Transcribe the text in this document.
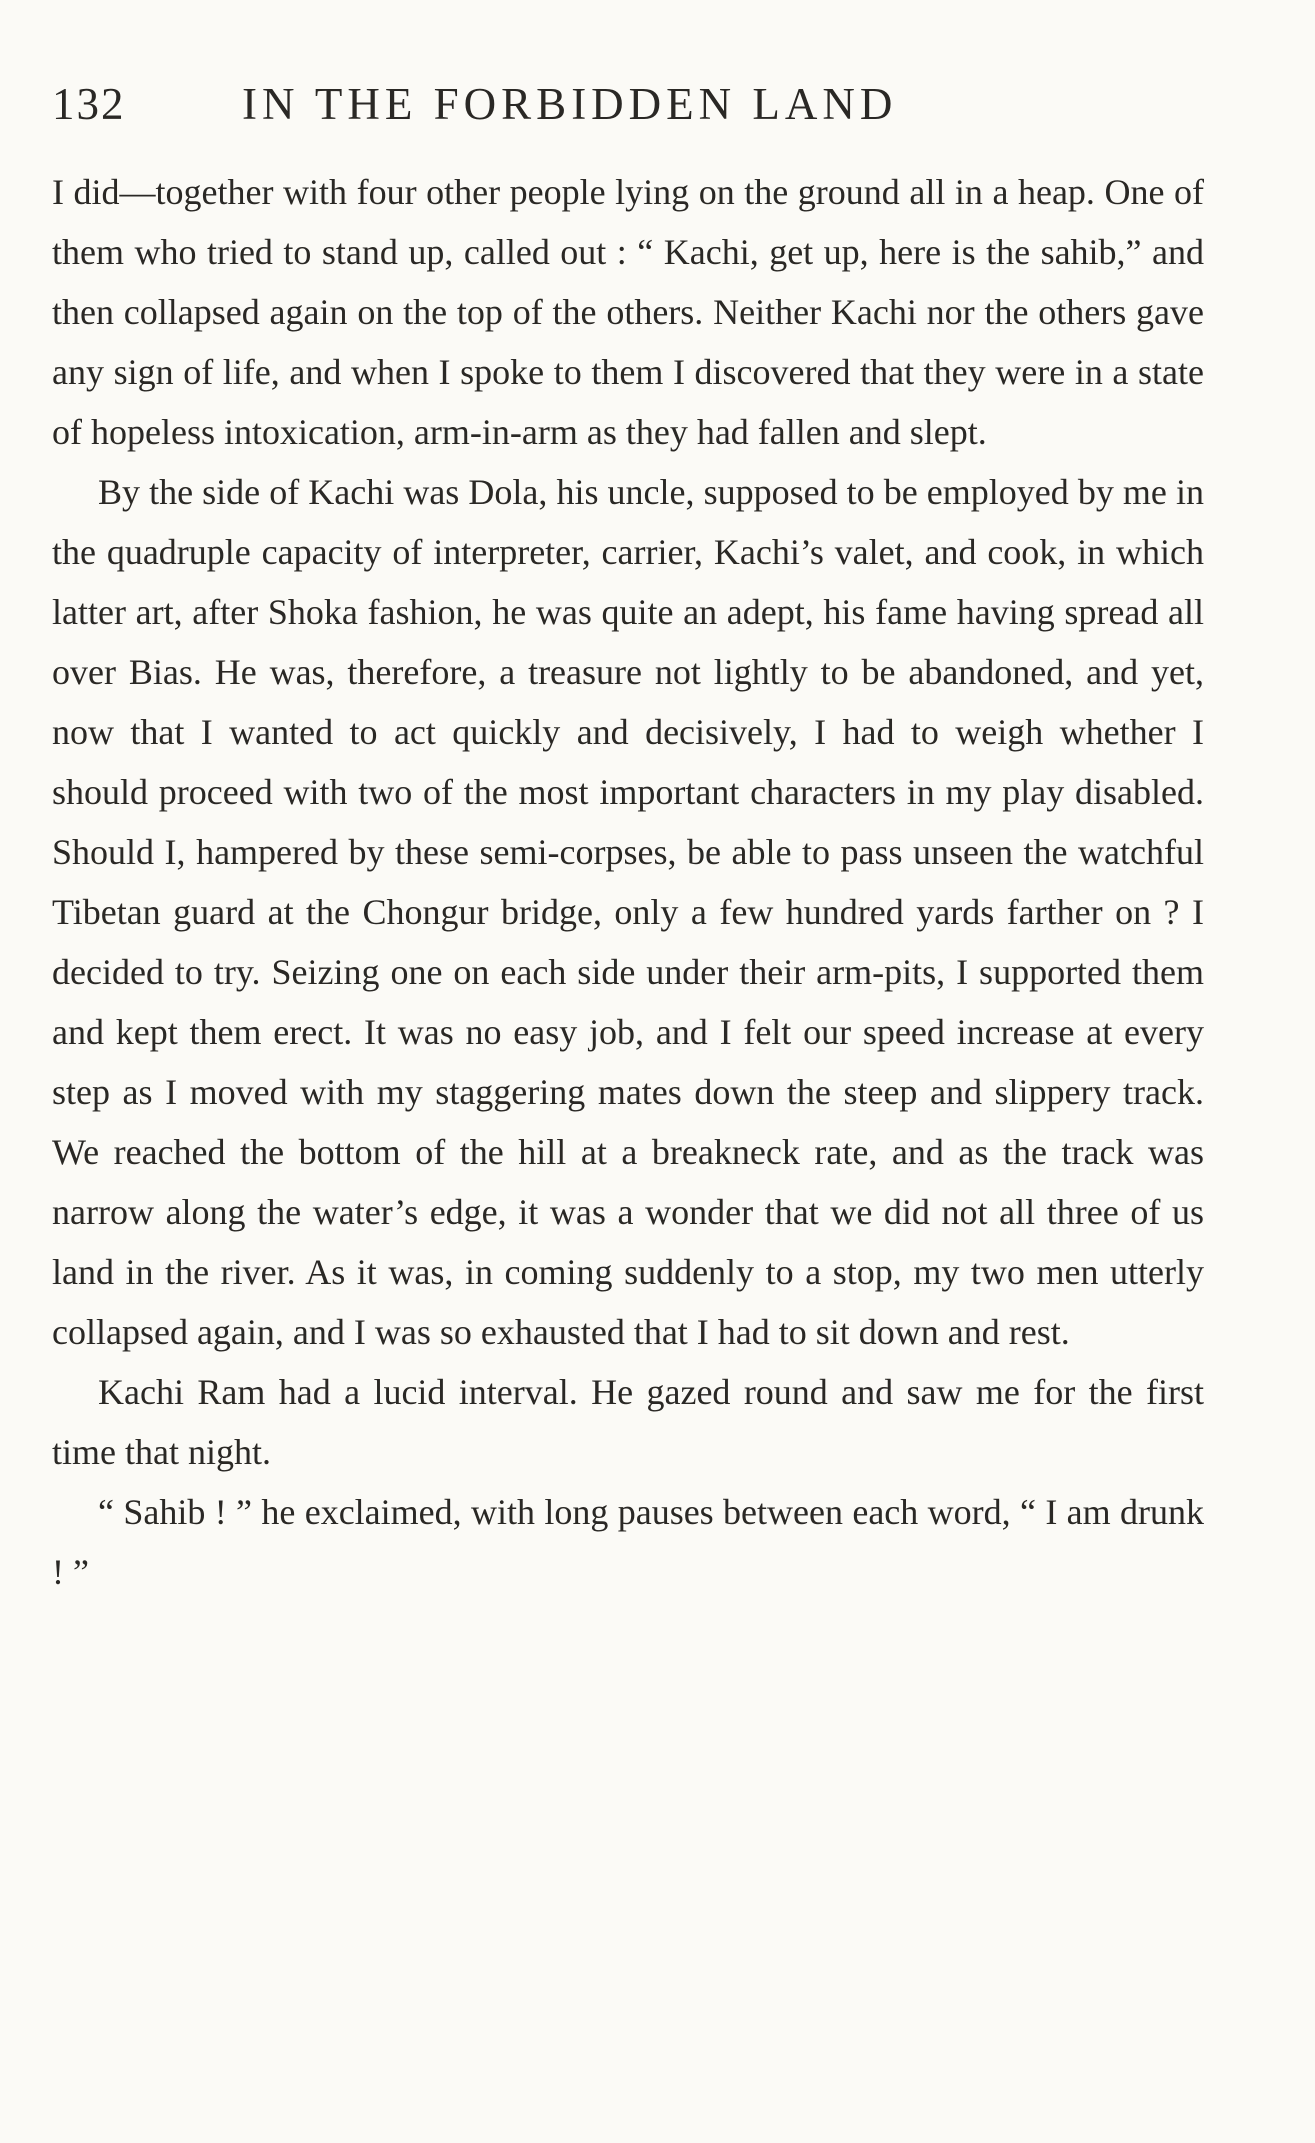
132	IN THE FORBIDDEN LAND

I did—together with four other people lying on the ground all in a heap. One of them who tried to stand up, called out : “ Kachi, get up, here is the sahib,” and then collapsed again on the top of the others. Neither Kachi nor the others gave any sign of life, and when I spoke to them I discovered that they were in a state of hopeless intoxication, arm-in-arm as they had fallen and slept.

By the side of Kachi was Dola, his uncle, supposed to be employed by me in the quadruple capacity of interpreter, carrier, Kachi’s valet, and cook, in which latter art, after Shoka fashion, he was quite an adept, his fame having spread all over Bias. He was, therefore, a treasure not lightly to be abandoned, and yet, now that I wanted to act quickly and decisively, I had to weigh whether I should proceed with two of the most important characters in my play disabled. Should I, hampered by these semi-corpses, be able to pass unseen the watchful Tibetan guard at the Chongur bridge, only a few hundred yards farther on ? I decided to try. Seizing one on each side under their arm-pits, I supported them and kept them erect. It was no easy job, and I felt our speed increase at every step as I moved with my staggering mates down the steep and slippery track. We reached the bottom of the hill at a breakneck rate, and as the track was narrow along the water’s edge, it was a wonder that we did not all three of us land in the river. As it was, in coming suddenly to a stop, my two men utterly collapsed again, and I was so exhausted that I had to sit down and rest.

Kachi Ram had a lucid interval. He gazed round and saw me for the first time that night.

“ Sahib ! ” he exclaimed, with long pauses between each word, “ I am drunk ! ”
